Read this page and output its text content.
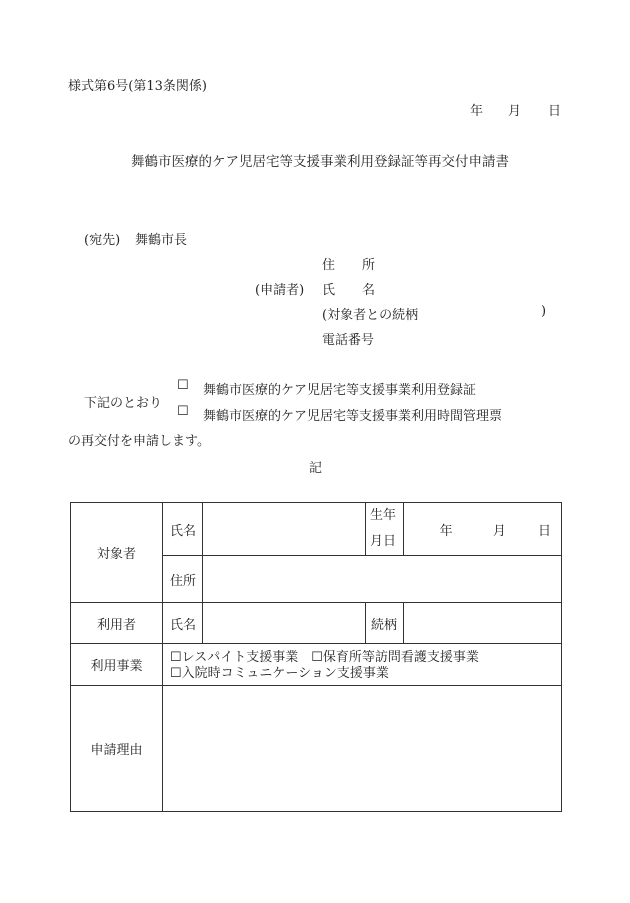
様式第6号(第13条関係)
年 月 日
舞鶴市医療的ケア児居宅等支援事業利用登録証等再交付申請書
(宛先) 舞鶴市長
住 所
(申請者) 氏 名
(対象者との続柄	)
電話番号
下記のとおり
☐ 舞鶴市医療的ケア児居宅等支援事業利用登録証
☐ 舞鶴市医療的ケア児居宅等支援事業利用時間管理票
の再交付を申請します。
記
対象者	氏名		生年
月日	年 月 日
	住所			
利用者	氏名		続柄	
利用事業	☐レスパイト支援事業　☐保育所等訪問看護支援事業
☐入院時コミュニケーション支援事業			

申請理由				
